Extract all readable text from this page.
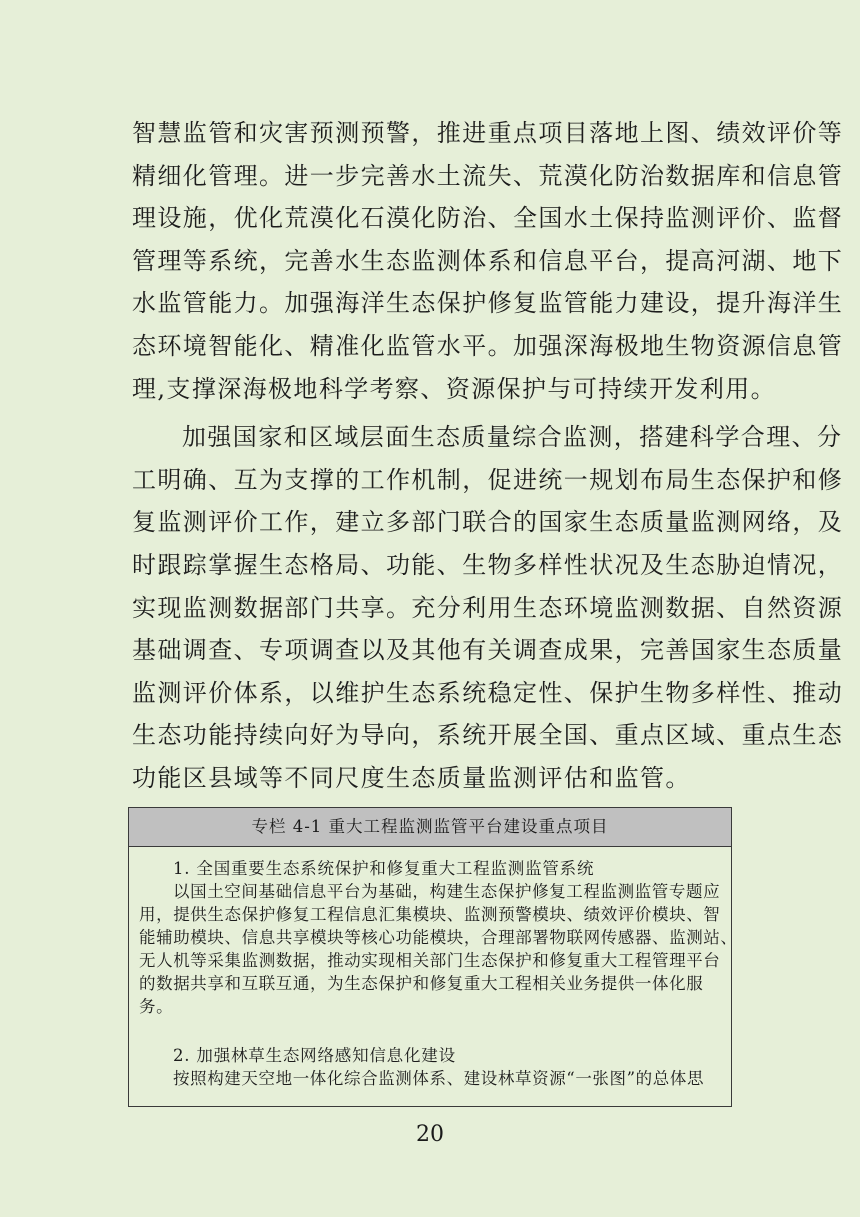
智慧监管和灾害预测预警，推进重点项目落地上图、绩效评价等
精细化管理。进一步完善水土流失、荒漠化防治数据库和信息管
理设施，优化荒漠化石漠化防治、全国水土保持监测评价、监督
管理等系统，完善水生态监测体系和信息平台，提高河湖、地下
水监管能力。加强海洋生态保护修复监管能力建设，提升海洋生
态环境智能化、精准化监管水平。加强深海极地生物资源信息管
理,支撑深海极地科学考察、资源保护与可持续开发利用。

加强国家和区域层面生态质量综合监测，搭建科学合理、分
工明确、互为支撑的工作机制，促进统一规划布局生态保护和修
复监测评价工作，建立多部门联合的国家生态质量监测网络，及
时跟踪掌握生态格局、功能、生物多样性状况及生态胁迫情况，
实现监测数据部门共享。充分利用生态环境监测数据、自然资源
基础调查、专项调查以及其他有关调查成果，完善国家生态质量
监测评价体系，以维护生态系统稳定性、保护生物多样性、推动
生态功能持续向好为导向，系统开展全国、重点区域、重点生态
功能区县域等不同尺度生态质量监测评估和监管。

专栏 4-1 重大工程监测监管平台建设重点项目

1. 全国重要生态系统保护和修复重大工程监测监管系统

以国土空间基础信息平台为基础，构建生态保护修复工程监测监管专题应
用，提供生态保护修复工程信息汇集模块、监测预警模块、绩效评价模块、智
能辅助模块、信息共享模块等核心功能模块，合理部署物联网传感器、监测站、
无人机等采集监测数据，推动实现相关部门生态保护和修复重大工程管理平台
的数据共享和互联互通，为生态保护和修复重大工程相关业务提供一体化服
务。

2. 加强林草生态网络感知信息化建设

按照构建天空地一体化综合监测体系、建设林草资源“一张图”的总体思

20
